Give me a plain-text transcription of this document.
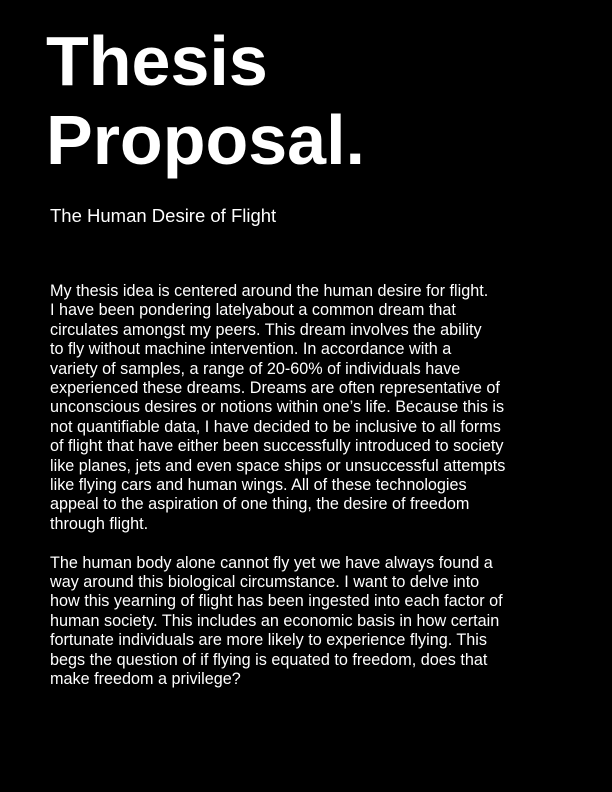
Thesis
Proposal.

The Human Desire of Flight

My thesis idea is centered around the human desire for flight.
I have been pondering latelyabout a common dream that
circulates amongst my peers. This dream involves the ability
to fly without machine intervention. In accordance with a
variety of samples, a range of 20-60% of individuals have
experienced these dreams. Dreams are often representative of
unconscious desires or notions within one’s life. Because this is
not quantifiable data, I have decided to be inclusive to all forms
of flight that have either been successfully introduced to society
like planes, jets and even space ships or unsuccessful attempts
like flying cars and human wings. All of these technologies
appeal to the aspiration of one thing, the desire of freedom
through flight.

The human body alone cannot fly yet we have always found a
way around this biological circumstance. I want to delve into
how this yearning of flight has been ingested into each factor of
human society. This includes an economic basis in how certain
fortunate individuals are more likely to experience flying. This
begs the question of if flying is equated to freedom, does that
make freedom a privilege?
